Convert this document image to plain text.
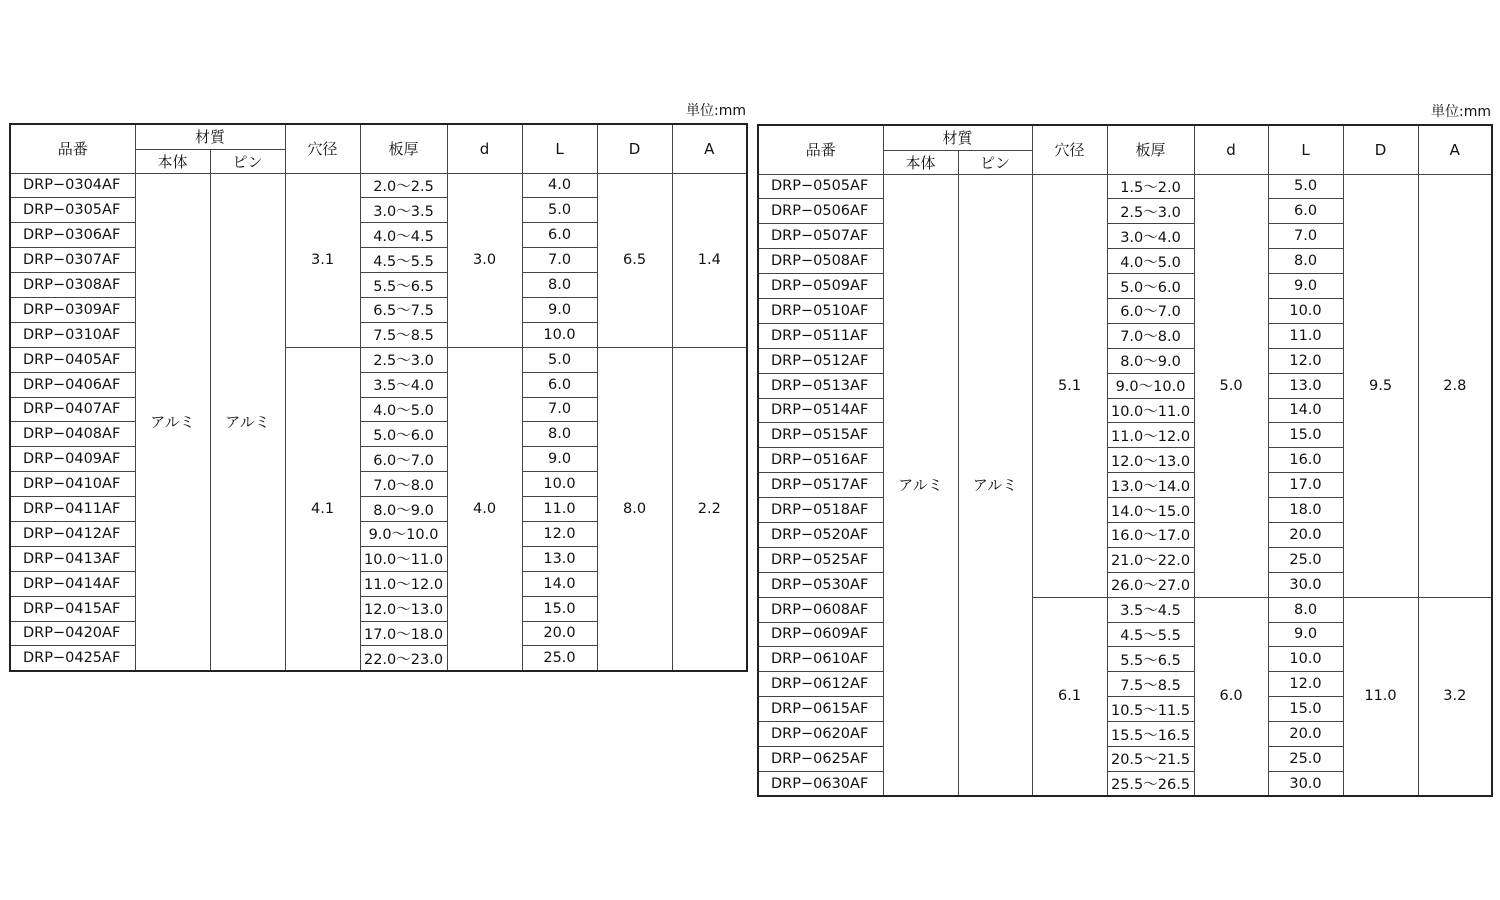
単位:mm
品番	材質		穴径	板厚	d	L	D	A
	本体	ピン						
DRP−0304AF	アルミ	アルミ	3.1	2.0〜2.5	3.0	4.0	6.5	1.4
DRP−0305AF				3.0〜3.5		5.0		
DRP−0306AF				4.0〜4.5		6.0		
DRP−0307AF				4.5〜5.5		7.0		
DRP−0308AF				5.5〜6.5		8.0		
DRP−0309AF				6.5〜7.5		9.0		
DRP−0310AF				7.5〜8.5		10.0		
DRP−0405AF			4.1	2.5〜3.0	4.0	5.0	8.0	2.2
DRP−0406AF				3.5〜4.0		6.0		
DRP−0407AF				4.0〜5.0		7.0		
DRP−0408AF				5.0〜6.0		8.0		
DRP−0409AF				6.0〜7.0		9.0		
DRP−0410AF				7.0〜8.0		10.0		
DRP−0411AF				8.0〜9.0		11.0		
DRP−0412AF				9.0〜10.0		12.0		
DRP−0413AF				10.0〜11.0		13.0		
DRP−0414AF				11.0〜12.0		14.0		
DRP−0415AF				12.0〜13.0		15.0		
DRP−0420AF				17.0〜18.0		20.0		
DRP−0425AF				22.0〜23.0		25.0		
単位:mm
品番	材質		穴径	板厚	d	L	D	A
	本体	ピン						
DRP−0505AF	アルミ	アルミ	5.1	1.5〜2.0	5.0	5.0	9.5	2.8
DRP−0506AF				2.5〜3.0		6.0		
DRP−0507AF				3.0〜4.0		7.0		
DRP−0508AF				4.0〜5.0		8.0		
DRP−0509AF				5.0〜6.0		9.0		
DRP−0510AF				6.0〜7.0		10.0		
DRP−0511AF				7.0〜8.0		11.0		
DRP−0512AF				8.0〜9.0		12.0		
DRP−0513AF				9.0〜10.0		13.0		
DRP−0514AF				10.0〜11.0		14.0		
DRP−0515AF				11.0〜12.0		15.0		
DRP−0516AF				12.0〜13.0		16.0		
DRP−0517AF				13.0〜14.0		17.0		
DRP−0518AF				14.0〜15.0		18.0		
DRP−0520AF				16.0〜17.0		20.0		
DRP−0525AF				21.0〜22.0		25.0		
DRP−0530AF				26.0〜27.0		30.0		
DRP−0608AF			6.1	3.5〜4.5	6.0	8.0	11.0	3.2
DRP−0609AF				4.5〜5.5		9.0		
DRP−0610AF				5.5〜6.5		10.0		
DRP−0612AF				7.5〜8.5		12.0		
DRP−0615AF				10.5〜11.5		15.0		
DRP−0620AF				15.5〜16.5		20.0		
DRP−0625AF				20.5〜21.5		25.0		
DRP−0630AF				25.5〜26.5		30.0		
